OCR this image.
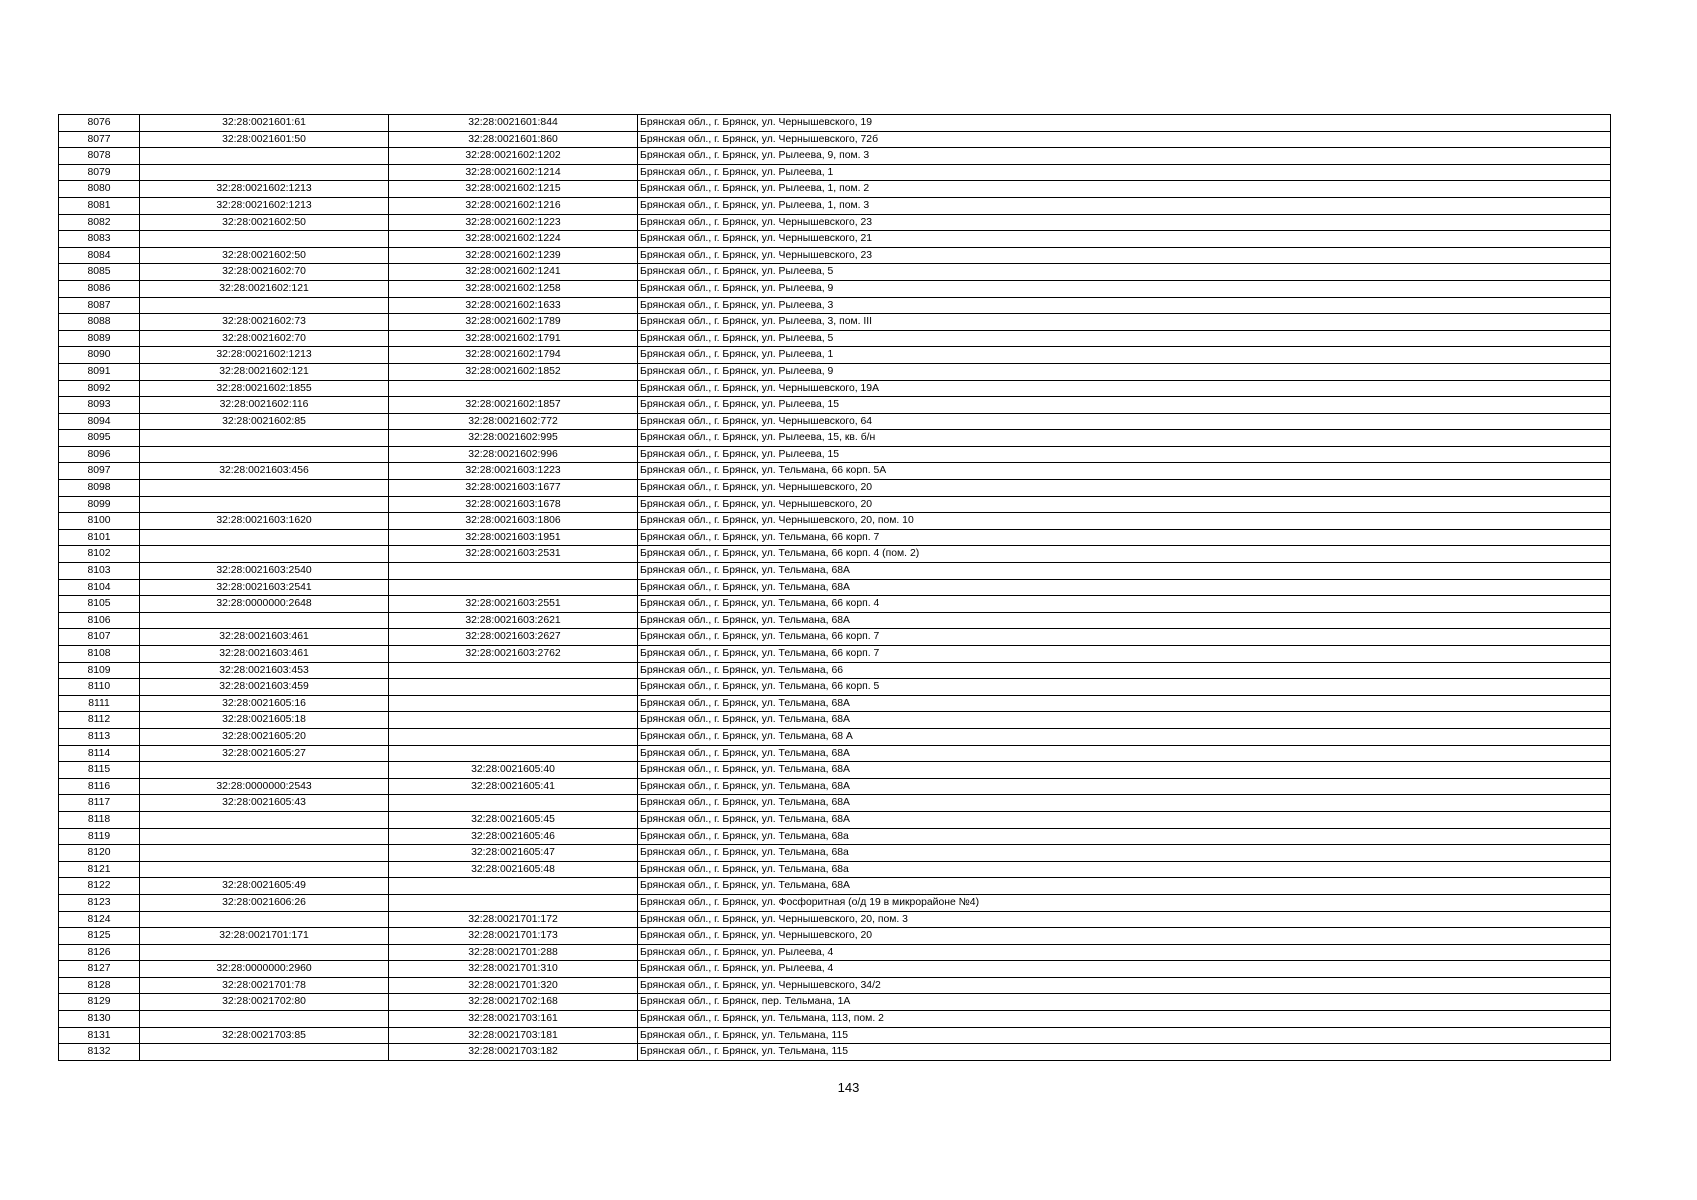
8076	32:28:0021601:61	32:28:0021601:844	Брянская обл., г. Брянск, ул. Чернышевского, 19
8077	32:28:0021601:50	32:28:0021601:860	Брянская обл., г. Брянск, ул. Чернышевского, 72б
8078		32:28:0021602:1202	Брянская обл., г. Брянск, ул. Рылеева, 9, пом. 3
8079		32:28:0021602:1214	Брянская обл., г. Брянск, ул. Рылеева, 1
8080	32:28:0021602:1213	32:28:0021602:1215	Брянская обл., г. Брянск, ул. Рылеева, 1, пом. 2
8081	32:28:0021602:1213	32:28:0021602:1216	Брянская обл., г. Брянск, ул. Рылеева, 1, пом. 3
8082	32:28:0021602:50	32:28:0021602:1223	Брянская обл., г. Брянск, ул. Чернышевского, 23
8083		32:28:0021602:1224	Брянская обл., г. Брянск, ул. Чернышевского, 21
8084	32:28:0021602:50	32:28:0021602:1239	Брянская обл., г. Брянск, ул. Чернышевского, 23
8085	32:28:0021602:70	32:28:0021602:1241	Брянская обл., г. Брянск, ул. Рылеева, 5
8086	32:28:0021602:121	32:28:0021602:1258	Брянская обл., г. Брянск, ул. Рылеева, 9
8087		32:28:0021602:1633	Брянская обл., г. Брянск, ул. Рылеева, 3
8088	32:28:0021602:73	32:28:0021602:1789	Брянская обл., г. Брянск, ул. Рылеева, 3, пом. III
8089	32:28:0021602:70	32:28:0021602:1791	Брянская обл., г. Брянск, ул. Рылеева, 5
8090	32:28:0021602:1213	32:28:0021602:1794	Брянская обл., г. Брянск, ул. Рылеева, 1
8091	32:28:0021602:121	32:28:0021602:1852	Брянская обл., г. Брянск, ул. Рылеева, 9
8092	32:28:0021602:1855		Брянская обл., г. Брянск, ул. Чернышевского, 19А
8093	32:28:0021602:116	32:28:0021602:1857	Брянская обл., г. Брянск, ул. Рылеева, 15
8094	32:28:0021602:85	32:28:0021602:772	Брянская обл., г. Брянск, ул. Чернышевского, 64
8095		32:28:0021602:995	Брянская обл., г. Брянск, ул. Рылеева, 15, кв. б/н
8096		32:28:0021602:996	Брянская обл., г. Брянск, ул. Рылеева, 15
8097	32:28:0021603:456	32:28:0021603:1223	Брянская обл., г. Брянск, ул. Тельмана, 66 корп. 5А
8098		32:28:0021603:1677	Брянская обл., г. Брянск, ул. Чернышевского, 20
8099		32:28:0021603:1678	Брянская обл., г. Брянск, ул. Чернышевского, 20
8100	32:28:0021603:1620	32:28:0021603:1806	Брянская обл., г. Брянск, ул. Чернышевского, 20, пом. 10
8101		32:28:0021603:1951	Брянская обл., г. Брянск, ул. Тельмана, 66 корп. 7
8102		32:28:0021603:2531	Брянская обл., г. Брянск, ул. Тельмана, 66 корп. 4 (пом. 2)
8103	32:28:0021603:2540		Брянская обл., г. Брянск, ул. Тельмана, 68А
8104	32:28:0021603:2541		Брянская обл., г. Брянск, ул. Тельмана, 68А
8105	32:28:0000000:2648	32:28:0021603:2551	Брянская обл., г. Брянск, ул. Тельмана, 66 корп. 4
8106		32:28:0021603:2621	Брянская обл., г. Брянск, ул. Тельмана, 68А
8107	32:28:0021603:461	32:28:0021603:2627	Брянская обл., г. Брянск, ул. Тельмана, 66 корп. 7
8108	32:28:0021603:461	32:28:0021603:2762	Брянская обл., г. Брянск, ул. Тельмана, 66 корп. 7
8109	32:28:0021603:453		Брянская обл., г. Брянск, ул. Тельмана, 66
8110	32:28:0021603:459		Брянская обл., г. Брянск, ул. Тельмана, 66 корп. 5
8111	32:28:0021605:16		Брянская обл., г. Брянск, ул. Тельмана, 68А
8112	32:28:0021605:18		Брянская обл., г. Брянск, ул. Тельмана, 68А
8113	32:28:0021605:20		Брянская обл., г. Брянск, ул. Тельмана, 68 А
8114	32:28:0021605:27		Брянская обл., г. Брянск, ул. Тельмана, 68А
8115		32:28:0021605:40	Брянская обл., г. Брянск, ул. Тельмана, 68А
8116	32:28:0000000:2543	32:28:0021605:41	Брянская обл., г. Брянск, ул. Тельмана, 68А
8117	32:28:0021605:43		Брянская обл., г. Брянск, ул. Тельмана, 68А
8118		32:28:0021605:45	Брянская обл., г. Брянск, ул. Тельмана, 68А
8119		32:28:0021605:46	Брянская обл., г. Брянск, ул. Тельмана, 68а
8120		32:28:0021605:47	Брянская обл., г. Брянск, ул. Тельмана, 68а
8121		32:28:0021605:48	Брянская обл., г. Брянск, ул. Тельмана, 68а
8122	32:28:0021605:49		Брянская обл., г. Брянск, ул. Тельмана, 68А
8123	32:28:0021606:26		Брянская обл., г. Брянск, ул. Фосфоритная (о/д 19 в микрорайоне №4)
8124		32:28:0021701:172	Брянская обл., г. Брянск, ул. Чернышевского, 20, пом. 3
8125	32:28:0021701:171	32:28:0021701:173	Брянская обл., г. Брянск, ул. Чернышевского, 20
8126		32:28:0021701:288	Брянская обл., г. Брянск, ул. Рылеева, 4
8127	32:28:0000000:2960	32:28:0021701:310	Брянская обл., г. Брянск, ул. Рылеева, 4
8128	32:28:0021701:78	32:28:0021701:320	Брянская обл., г. Брянск, ул. Чернышевского, 34/2
8129	32:28:0021702:80	32:28:0021702:168	Брянская обл., г. Брянск, пер. Тельмана, 1А
8130		32:28:0021703:161	Брянская обл., г. Брянск, ул. Тельмана, 113, пом. 2
8131	32:28:0021703:85	32:28:0021703:181	Брянская обл., г. Брянск, ул. Тельмана, 115
8132		32:28:0021703:182	Брянская обл., г. Брянск, ул. Тельмана, 115
143
